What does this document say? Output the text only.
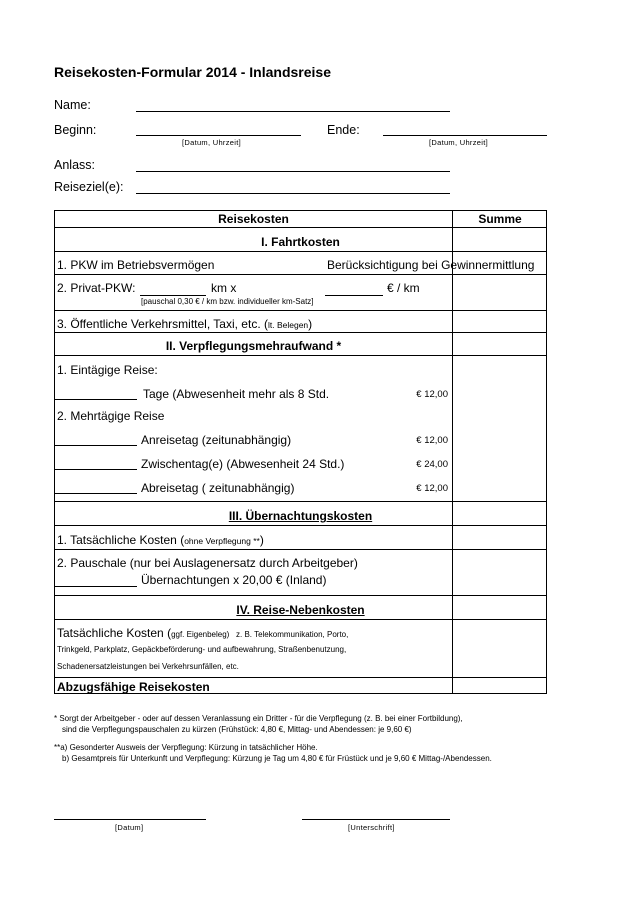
Reisekosten-Formular 2014 - Inlandsreise
Name:
Beginn:
[Datum, Uhrzeit]
Ende:
[Datum, Uhrzeit]
Anlass:
Reiseziel(e):
Reisekosten	Summe
I. Fahrtkosten
1. PKW im Betriebsvermögen	Berücksichtigung bei Gewinnermittlung
2. Privat-PKW:	km x	€ / km
[pauschal 0,30 € / km bzw. individueller km-Satz]
3. Öffentliche Verkehrsmittel, Taxi, etc. (lt. Belegen)
II. Verpflegungsmehraufwand *
1. Eintägige Reise:
Tage (Abwesenheit mehr als 8 Std.	€ 12,00
2. Mehrtägige Reise
Anreisetag (zeitunabhängig)	€ 12,00
Zwischentag(e) (Abwesenheit 24 Std.)	€ 24,00
Abreisetag ( zeitunabhängig)	€ 12,00
III. Übernachtungskosten
1. Tatsächliche Kosten (ohne Verpflegung **)
2. Pauschale (nur bei Auslagenersatz durch Arbeitgeber)
Übernachtungen x 20,00 € (Inland)
IV. Reise-Nebenkosten
Tatsächliche Kosten (ggf. Eigenbeleg) z. B. Telekommunikation, Porto,
Trinkgeld, Parkplatz, Gepäckbeförderung- und aufbewahrung, Straßenbenutzung,
Schadenersatzleistungen bei Verkehrsunfällen, etc.
Abzugsfähige Reisekosten
* Sorgt der Arbeitgeber - oder auf dessen Veranlassung ein Dritter - für die Verpflegung (z. B. bei einer Fortbildung),
sind die Verpflegungspauschalen zu kürzen (Frühstück: 4,80 €, Mittag- und Abendessen: je 9,60 €)
**a) Gesonderter Ausweis der Verpflegung: Kürzung in tatsächlicher Höhe.
b) Gesamtpreis für Unterkunft und Verpflegung: Kürzung je Tag um 4,80 € für Früstück und je 9,60 € Mittag-/Abendessen.
[Datum]	[Unterschrift]
